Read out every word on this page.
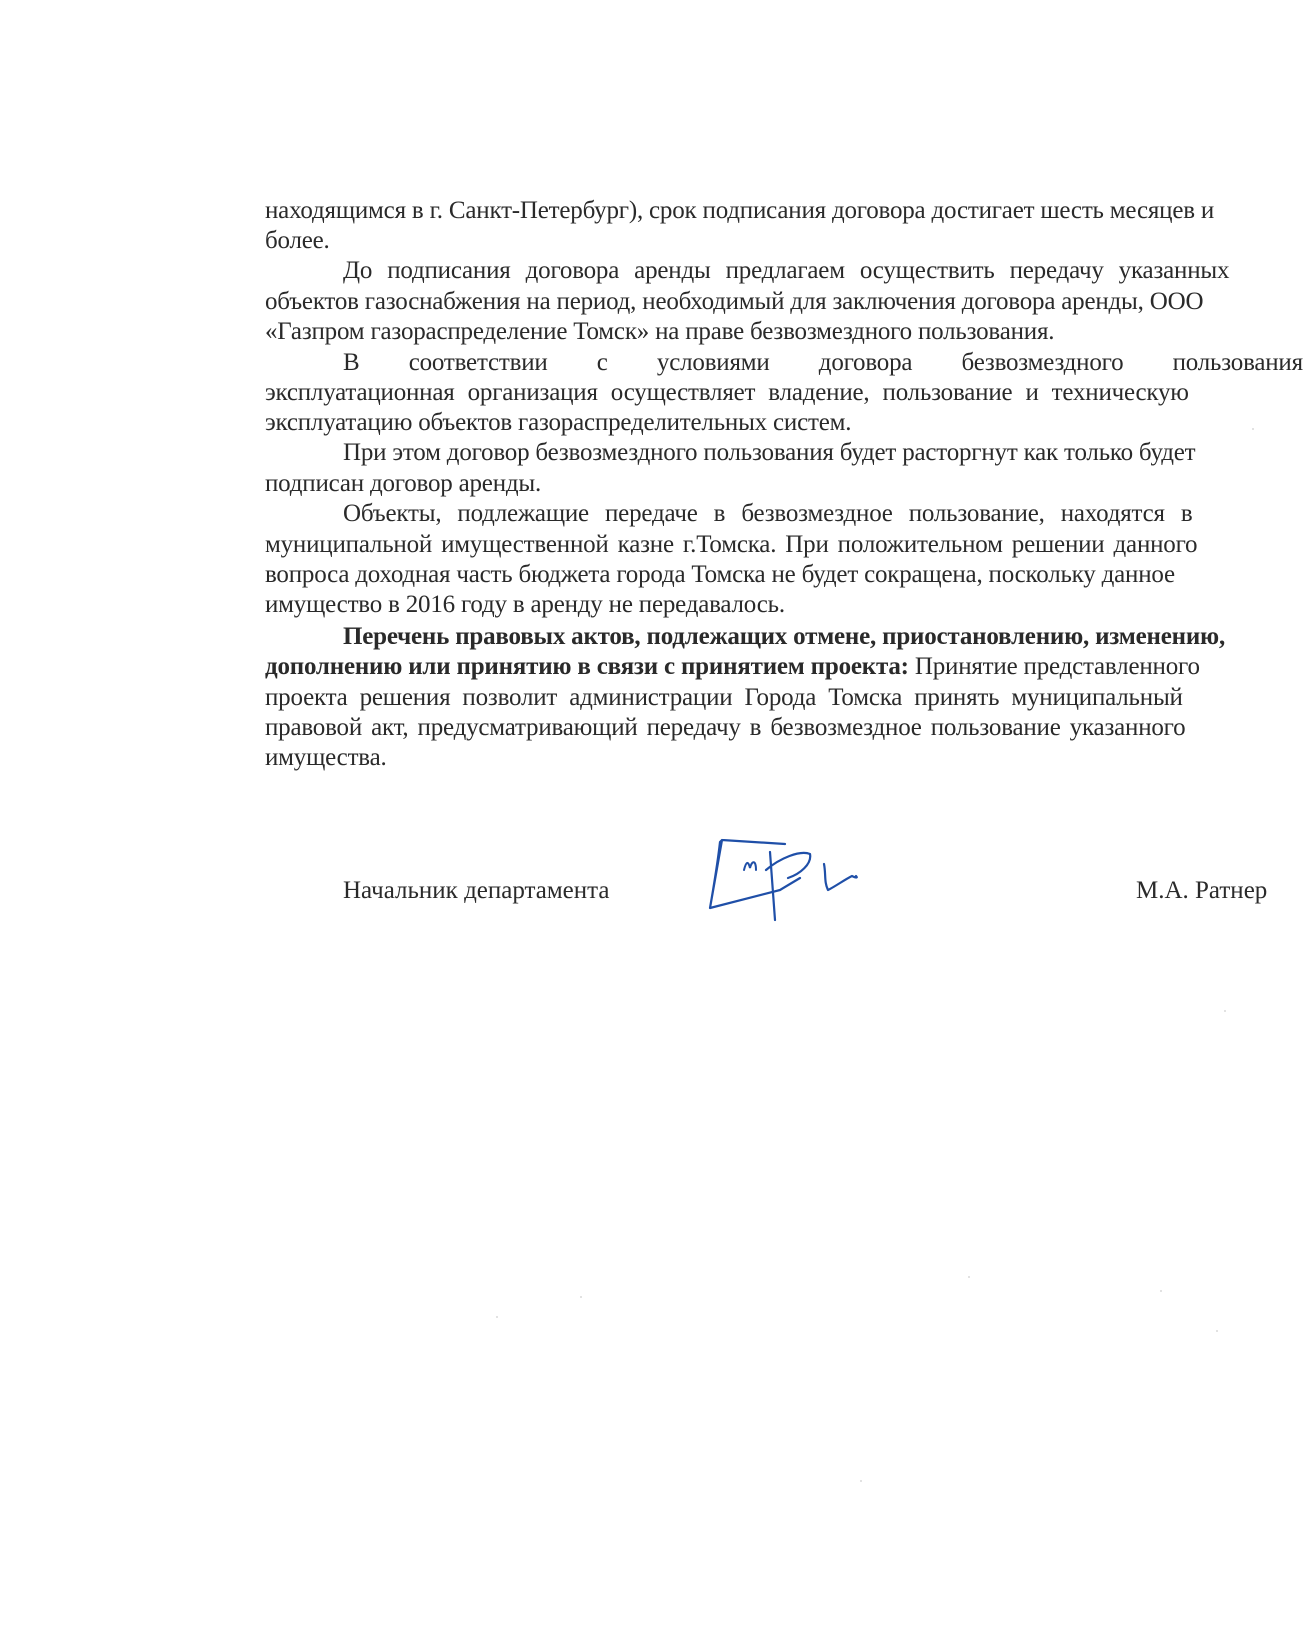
находящимся в г. Санкт-Петербург), срок подписания договора достигает шесть месяцев и
более.
До подписания договора аренды предлагаем осуществить передачу указанных
объектов газоснабжения на период, необходимый для заключения договора аренды, ООО
«Газпром газораспределение Томск» на праве безвозмездного пользования.
В соответствии с условиями договора безвозмездного пользования
эксплуатационная организация осуществляет владение, пользование и техническую
эксплуатацию объектов газораспределительных систем.
При этом договор безвозмездного пользования будет расторгнут как только будет
подписан договор аренды.
Объекты, подлежащие передаче в безвозмездное пользование, находятся в
муниципальной имущественной казне г.Томска. При положительном решении данного
вопроса доходная часть бюджета города Томска не будет сокращена, поскольку данное
имущество в 2016 году в аренду не передавалось.
Перечень правовых актов, подлежащих отмене, приостановлению, изменению,
дополнению или принятию в связи с принятием проекта: Принятие представленного
проекта решения позволит администрации Города Томска принять муниципальный
правовой акт, предусматривающий передачу в безвозмездное пользование указанного
имущества.
Начальник департамента	М.А. Ратнер
